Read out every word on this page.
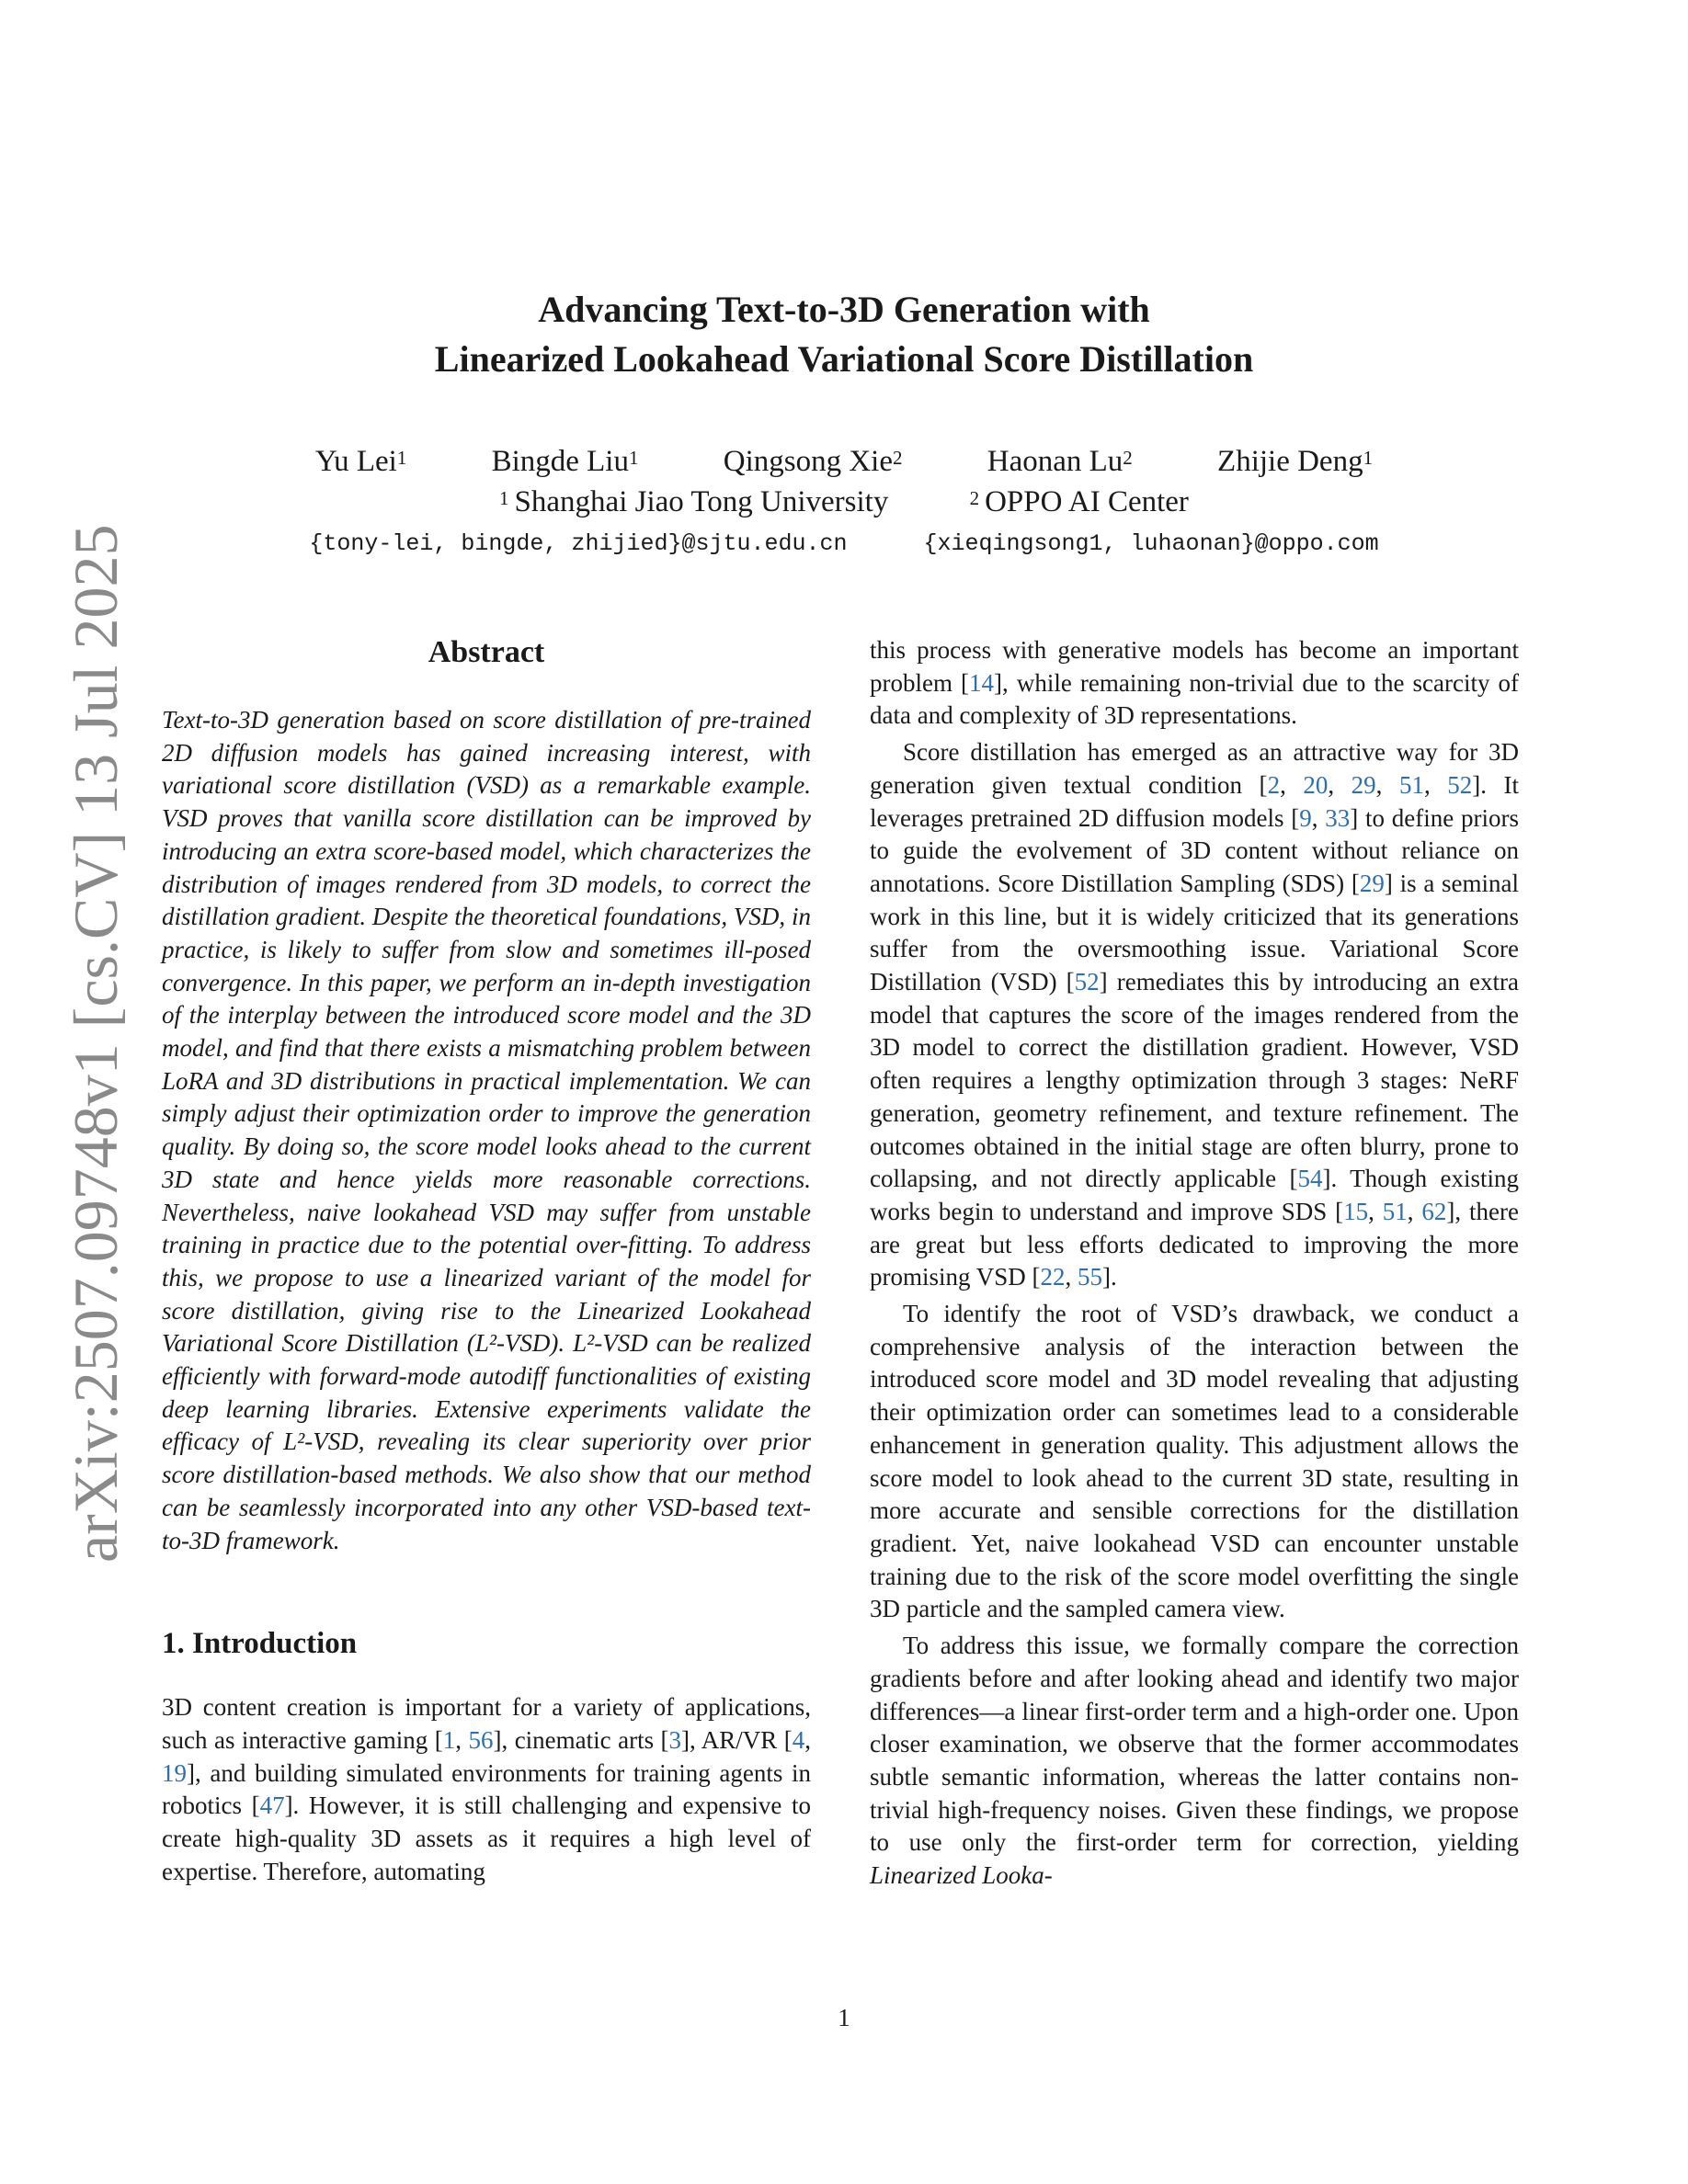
arXiv:2507.09748v1 [cs.CV] 13 Jul 2025
Advancing Text-to-3D Generation with
Linearized Lookahead Variational Score Distillation
Yu Lei$^1$	Bingde Liu$^1$	Qingsong Xie$^2$	Haonan Lu$^2$	Zhijie Deng$^1$
$^1$ Shanghai Jiao Tong University	$^2$ OPPO AI Center
{tony-lei, bingde, zhijied}@sjtu.edu.cn	{xieqingsong1, luhaonan}@oppo.com
Abstract

Text-to-3D generation based on score distillation of pre-trained 2D diffusion models has gained increasing interest, with variational score distillation (VSD) as a remarkable example. VSD proves that vanilla score distillation can be improved by introducing an extra score-based model, which characterizes the distribution of images rendered from 3D models, to correct the distillation gradient. Despite the theoretical foundations, VSD, in practice, is likely to suffer from slow and sometimes ill-posed convergence. In this paper, we perform an in-depth investigation of the interplay between the introduced score model and the 3D model, and find that there exists a mismatching problem between LoRA and 3D distributions in practical implementation. We can simply adjust their optimization order to improve the generation quality. By doing so, the score model looks ahead to the current 3D state and hence yields more reasonable corrections. Nevertheless, naive lookahead VSD may suffer from unstable training in practice due to the potential over-fitting. To address this, we propose to use a linearized variant of the model for score distillation, giving rise to the Linearized Lookahead Variational Score Distillation (L²-VSD). L²-VSD can be realized efficiently with forward-mode autodiff functionalities of existing deep learning libraries. Extensive experiments validate the efficacy of L²-VSD, revealing its clear superiority over prior score distillation-based methods. We also show that our method can be seamlessly incorporated into any other VSD-based text-to-3D framework.

1. Introduction

3D content creation is important for a variety of applications, such as interactive gaming [1, 56], cinematic arts [3], AR/VR [4, 19], and building simulated environments for training agents in robotics [47]. However, it is still challenging and expensive to create high-quality 3D assets as it requires a high level of expertise. Therefore, automating

this process with generative models has become an important problem [14], while remaining non-trivial due to the scarcity of data and complexity of 3D representations.

Score distillation has emerged as an attractive way for 3D generation given textual condition [2, 20, 29, 51, 52]. It leverages pretrained 2D diffusion models [9, 33] to define priors to guide the evolvement of 3D content without reliance on annotations. Score Distillation Sampling (SDS) [29] is a seminal work in this line, but it is widely criticized that its generations suffer from the oversmoothing issue. Variational Score Distillation (VSD) [52] remediates this by introducing an extra model that captures the score of the images rendered from the 3D model to correct the distillation gradient. However, VSD often requires a lengthy optimization through 3 stages: NeRF generation, geometry refinement, and texture refinement. The outcomes obtained in the initial stage are often blurry, prone to collapsing, and not directly applicable [54]. Though existing works begin to understand and improve SDS [15, 51, 62], there are great but less efforts dedicated to improving the more promising VSD [22, 55].

To identify the root of VSD’s drawback, we conduct a comprehensive analysis of the interaction between the introduced score model and 3D model revealing that adjusting their optimization order can sometimes lead to a considerable enhancement in generation quality. This adjustment allows the score model to look ahead to the current 3D state, resulting in more accurate and sensible corrections for the distillation gradient. Yet, naive lookahead VSD can encounter unstable training due to the risk of the score model overfitting the single 3D particle and the sampled camera view.

To address this issue, we formally compare the correction gradients before and after looking ahead and identify two major differences—a linear first-order term and a high-order one. Upon closer examination, we observe that the former accommodates subtle semantic information, whereas the latter contains non-trivial high-frequency noises. Given these findings, we propose to use only the first-order term for correction, yielding Linearized Looka-

1
